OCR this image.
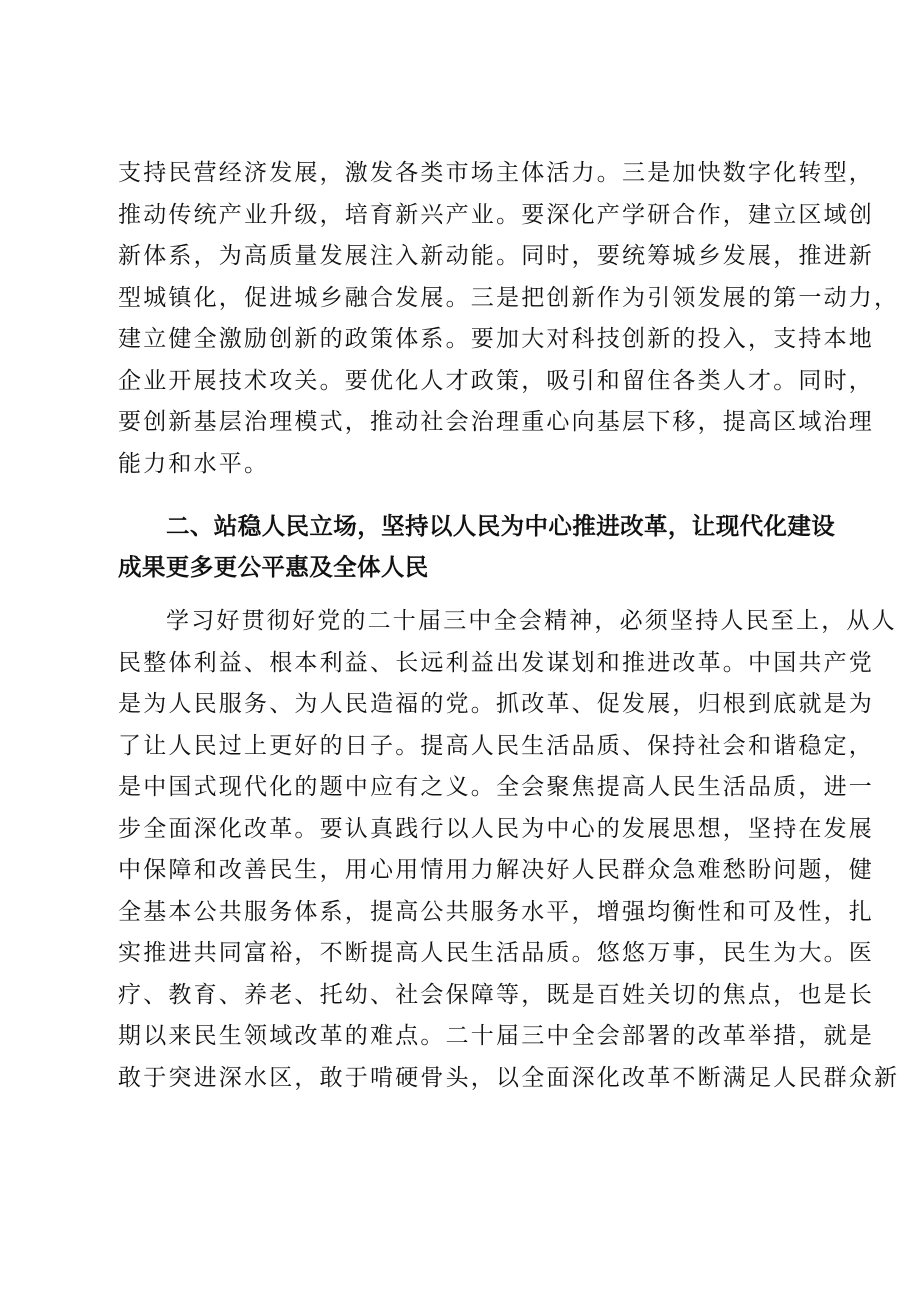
支持民营经济发展，激发各类市场主体活力。三是加快数字化转型，
推动传统产业升级，培育新兴产业。要深化产学研合作，建立区域创
新体系，为高质量发展注入新动能。同时，要统筹城乡发展，推进新
型城镇化，促进城乡融合发展。三是把创新作为引领发展的第一动力，
建立健全激励创新的政策体系。要加大对科技创新的投入，支持本地
企业开展技术攻关。要优化人才政策，吸引和留住各类人才。同时，
要创新基层治理模式，推动社会治理重心向基层下移，提高区域治理
能力和水平。
二、站稳人民立场，坚持以人民为中心推进改革，让现代化建设
成果更多更公平惠及全体人民
学习好贯彻好党的二十届三中全会精神，必须坚持人民至上，从人
民整体利益、根本利益、长远利益出发谋划和推进改革。中国共产党
是为人民服务、为人民造福的党。抓改革、促发展，归根到底就是为
了让人民过上更好的日子。提高人民生活品质、保持社会和谐稳定，
是中国式现代化的题中应有之义。全会聚焦提高人民生活品质，进一
步全面深化改革。要认真践行以人民为中心的发展思想，坚持在发展
中保障和改善民生，用心用情用力解决好人民群众急难愁盼问题，健
全基本公共服务体系，提高公共服务水平，增强均衡性和可及性，扎
实推进共同富裕，不断提高人民生活品质。悠悠万事，民生为大。医
疗、教育、养老、托幼、社会保障等，既是百姓关切的焦点，也是长
期以来民生领域改革的难点。二十届三中全会部署的改革举措，就是
敢于突进深水区，敢于啃硬骨头，以全面深化改革不断满足人民群众新
